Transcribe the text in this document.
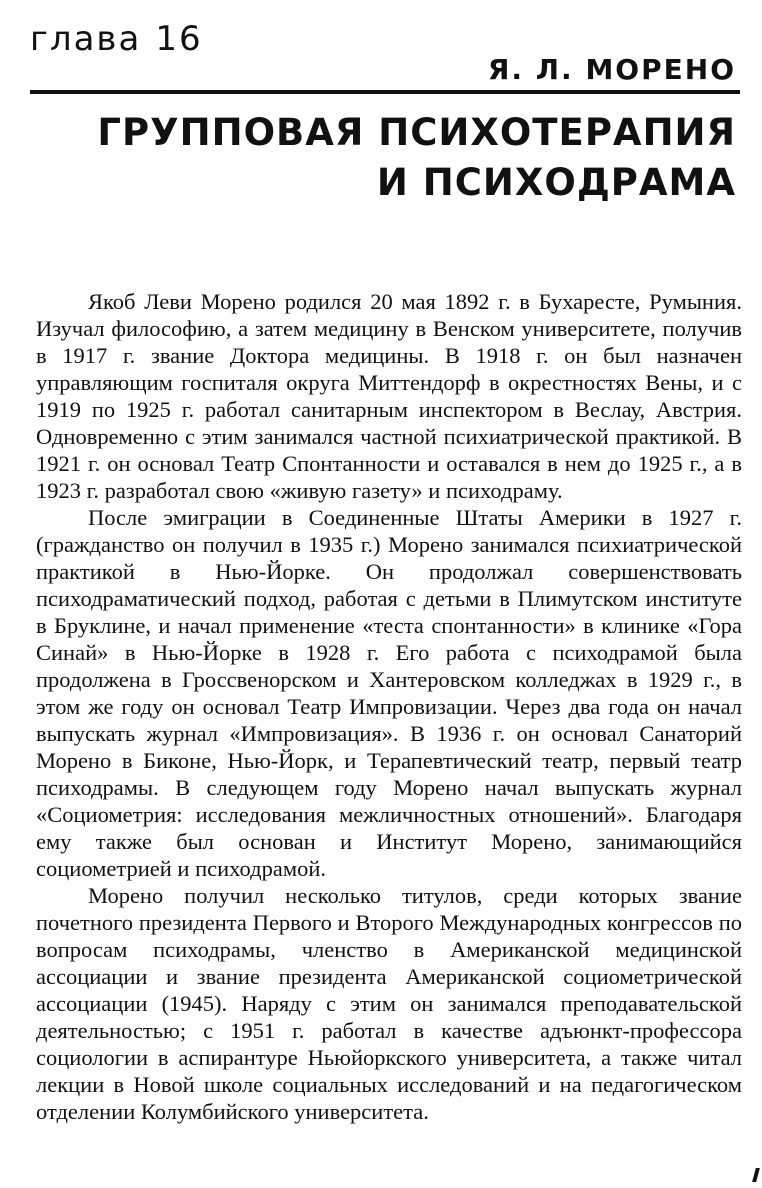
глава 16
Я. Л. МОРЕНО
ГРУППОВАЯ ПСИХОТЕРАПИЯ
И ПСИХОДРАМА

Якоб Леви Морено родился 20 мая 1892 г. в Бухаресте, Румыния. Изучал философию, а затем медицину в Венском университете, получив в 1917 г. звание Доктора медицины. В 1918 г. он был назначен управляющим госпиталя округа Миттендорф в окрестностях Вены, и с 1919 по 1925 г. работал санитарным инспектором в Веслау, Австрия. Одновременно с этим занимался частной психиатрической практикой. В 1921 г. он основал Театр Спонтанности и оставался в нем до 1925 г., а в 1923 г. разработал свою «живую газету» и психодраму.

После эмиграции в Соединенные Штаты Америки в 1927 г. (гражданство он получил в 1935 г.) Морено занимался психиатрической практикой в Нью-Йорке. Он продолжал совершенствовать психодраматический подход, работая с детьми в Плимутском институте в Бруклине, и начал применение «теста спонтанности» в клинике «Гора Синай» в Нью-Йорке в 1928 г. Его работа с психодрамой была продолжена в Гроссвенорском и Хантеровском колледжах в 1929 г., в этом же году он основал Театр Импровизации. Через два года он начал выпускать журнал «Импровизация». В 1936 г. он основал Санаторий Морено в Биконе, Нью-Йорк, и Терапевтический театр, первый театр психодрамы. В следующем году Морено начал выпускать журнал «Социометрия: исследования межличностных отношений». Благодаря ему также был основан и Институт Морено, занимающийся социометрией и психодрамой.

Морено получил несколько титулов, среди которых звание почетного президента Первого и Второго Международных конгрессов по вопросам психодрамы, членство в Американской медицинской ассоциации и звание президента Американской социометрической ассоциации (1945). Наряду с этим он занимался преподавательской деятельностью; с 1951 г. работал в качестве адъюнкт-профессора социологии в аспирантуре Ньюйоркского университета, а также читал лекции в Новой школе социальных исследований и на педагогическом отделении Колумбийского университета.
